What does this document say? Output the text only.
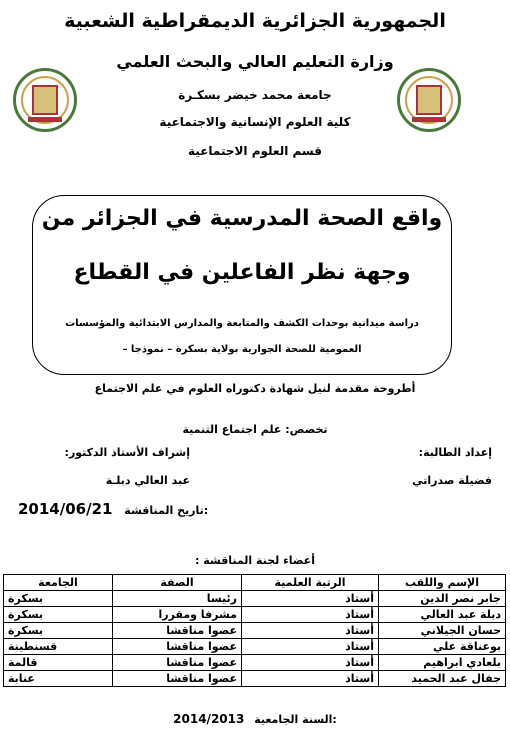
الجمهورية الجزائرية الديمقراطية الشعبية
وزارة التعليم العالي والبحث العلمي
جامعة محمد خيضر بسكـرة
كلية العلوم الإنسانية والاجتماعية
قسم العلوم الاجتماعية
واقع الصحة المدرسية في الجزائر من
وجهة نظر الفاعلين في القطاع
دراسة ميدانية بوحدات الكشف والمتابعة والمدارس الابتدائية والمؤسسات
العمومية للصحة الجوارية بولاية بسكرة – نموذجا –
أطروحة مقدمة لنيل شهادة دكتوراه العلوم في علم الاجتماع
تخصص: علم اجتماع التنمية
إعداد الطالبة:
فضيلة صدراتي
إشراف الأستاذ الدكتور:
عبد العالي دبلـة
2014/06/21 تاريخ المناقشة:
أعضاء لجنة المناقشة :
الإسم واللقب	الرتبة العلمية	الصفة	الجامعة
جابر نصر الدين	أستاذ	رئيسا	بسكرة
دبلة عبد العالي	أستاذ	مشرفا ومقررا	بسكرة
حسان الجيلاني	أستاذ	عضوا مناقشا	بسكرة
بوعناقة علي	أستاذ	عضوا مناقشا	قسنطينة
بلعادي ابراهيم	أستاذ	عضوا مناقشا	قالمة
جفال عبد الحميد	أستاذ	عضوا مناقشا	عنابة
2014/2013 السنة الجامعية:
